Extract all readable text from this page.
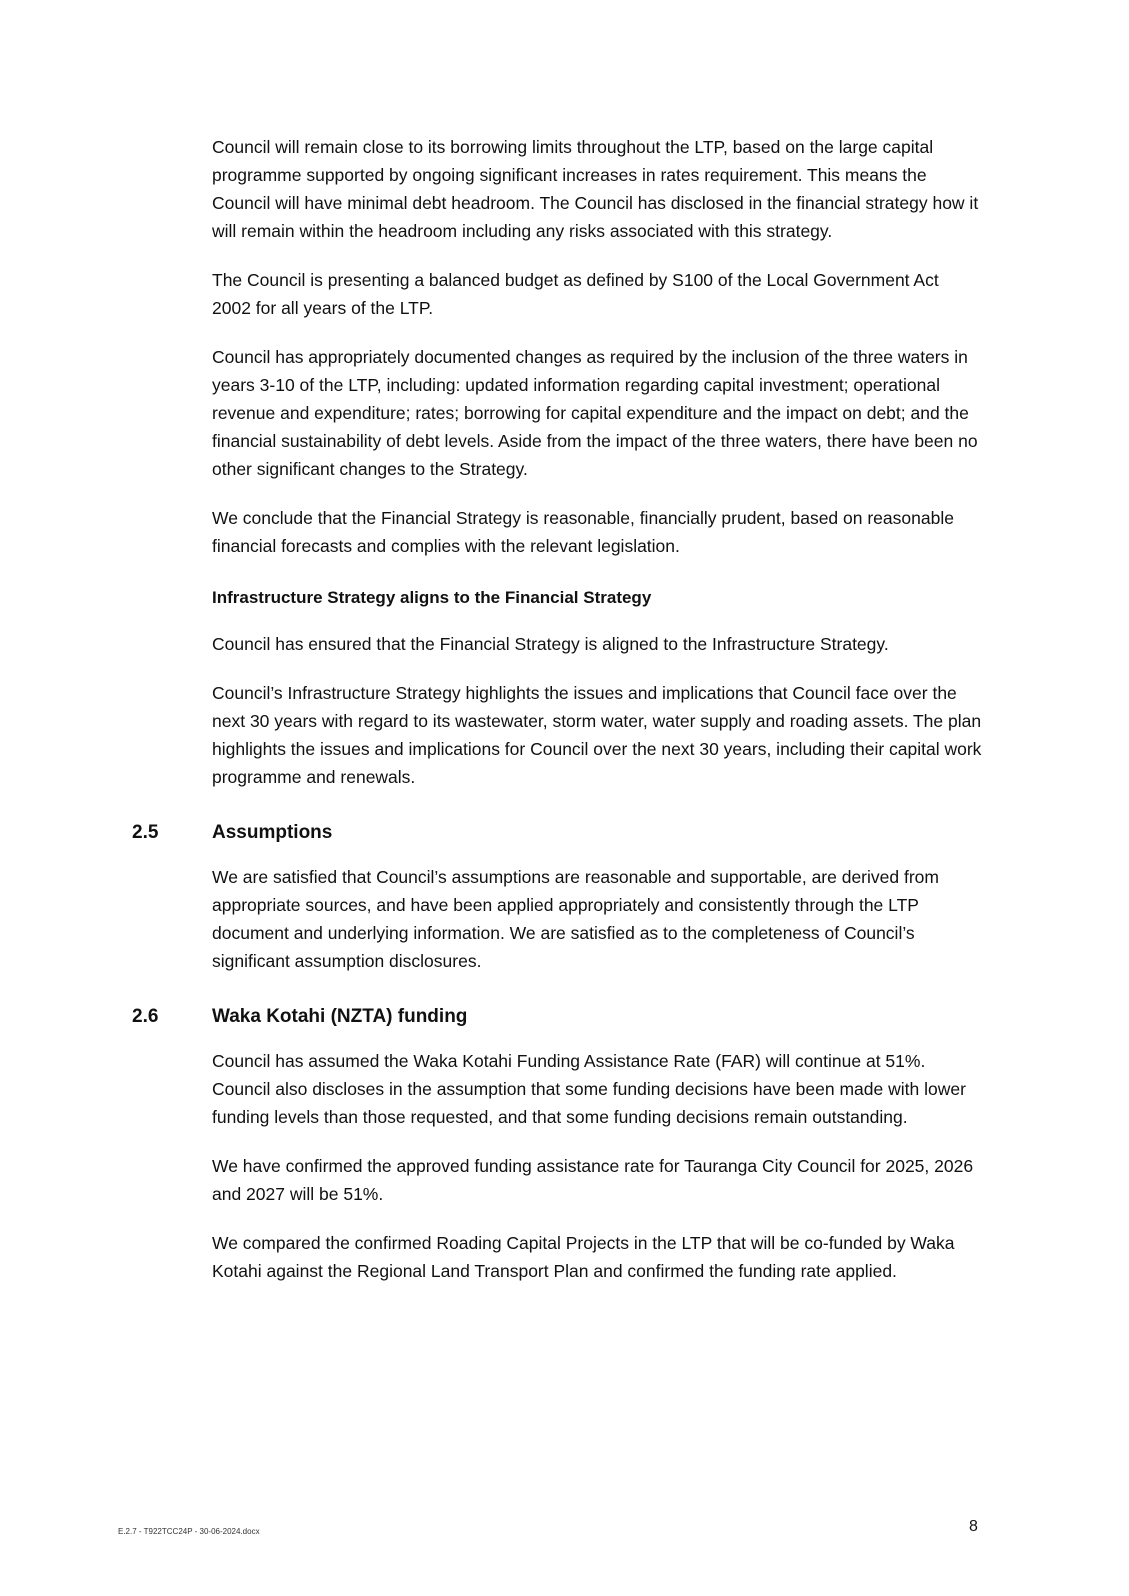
Council will remain close to its borrowing limits throughout the LTP, based on the large capital programme supported by ongoing significant increases in rates requirement. This means the Council will have minimal debt headroom. The Council has disclosed in the financial strategy how it will remain within the headroom including any risks associated with this strategy.

The Council is presenting a balanced budget as defined by S100 of the Local Government Act 2002 for all years of the LTP.

Council has appropriately documented changes as required by the inclusion of the three waters in years 3-10 of the LTP, including: updated information regarding capital investment; operational revenue and expenditure; rates; borrowing for capital expenditure and the impact on debt; and the financial sustainability of debt levels. Aside from the impact of the three waters, there have been no other significant changes to the Strategy.

We conclude that the Financial Strategy is reasonable, financially prudent, based on reasonable financial forecasts and complies with the relevant legislation.

Infrastructure Strategy aligns to the Financial Strategy

Council has ensured that the Financial Strategy is aligned to the Infrastructure Strategy.

Council’s Infrastructure Strategy highlights the issues and implications that Council face over the next 30 years with regard to its wastewater, storm water, water supply and roading assets. The plan highlights the issues and implications for Council over the next 30 years, including their capital work programme and renewals.

2.5	Assumptions

We are satisfied that Council’s assumptions are reasonable and supportable, are derived from appropriate sources, and have been applied appropriately and consistently through the LTP document and underlying information. We are satisfied as to the completeness of Council’s significant assumption disclosures.

2.6	Waka Kotahi (NZTA) funding

Council has assumed the Waka Kotahi Funding Assistance Rate (FAR) will continue at 51%. Council also discloses in the assumption that some funding decisions have been made with lower funding levels than those requested, and that some funding decisions remain outstanding.

We have confirmed the approved funding assistance rate for Tauranga City Council for 2025, 2026 and 2027 will be 51%.

We compared the confirmed Roading Capital Projects in the LTP that will be co-funded by Waka Kotahi against the Regional Land Transport Plan and confirmed the funding rate applied.

E.2.7 - T922TCC24P - 30-06-2024.docx	8
